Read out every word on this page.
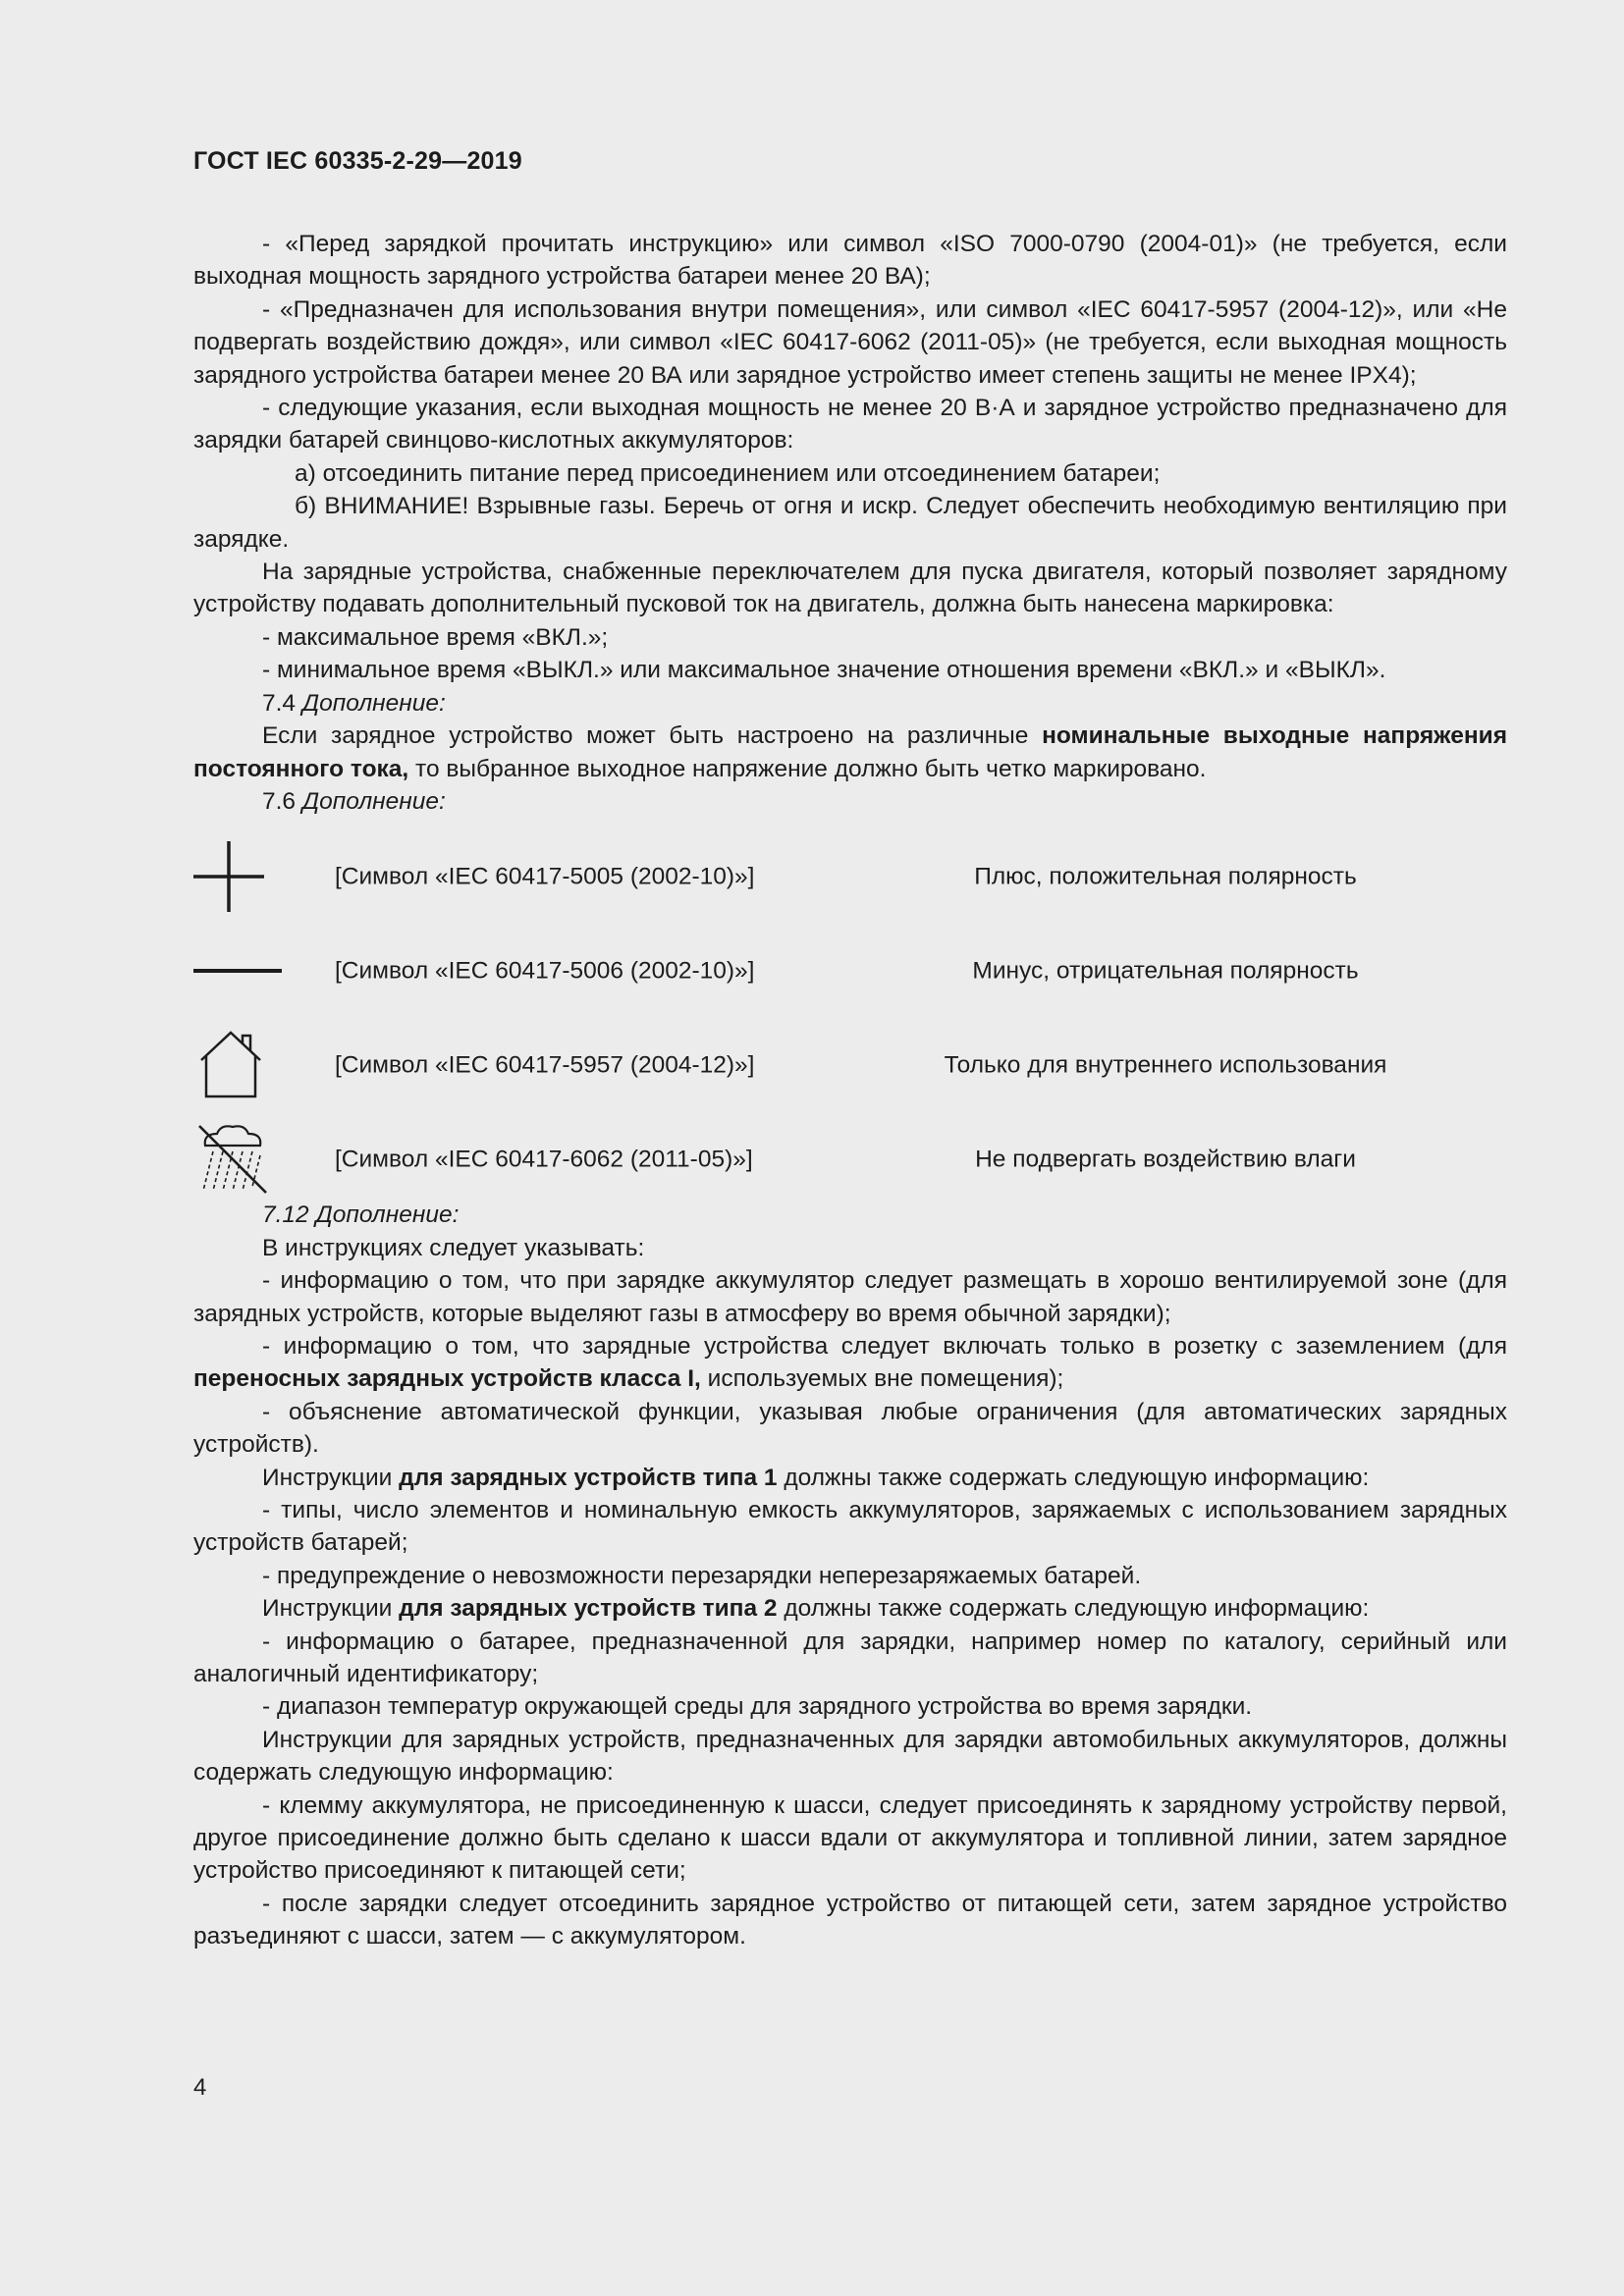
ГОСТ IEC 60335-2-29—2019

- «Перед зарядкой прочитать инструкцию» или символ «ISO 7000-0790 (2004-01)» (не требуется, если выходная мощность зарядного устройства батареи менее 20 ВА);

- «Предназначен для использования внутри помещения», или символ «IEC 60417-5957 (2004-12)», или «Не подвергать воздействию дождя», или символ «IEC 60417-6062 (2011-05)» (не требуется, если выходная мощность зарядного устройства батареи менее 20 ВА или зарядное устройство имеет степень защиты не менее IPX4);

- следующие указания, если выходная мощность не менее 20 В·А и зарядное устройство предназначено для зарядки батарей свинцово-кислотных аккумуляторов:

а) отсоединить питание перед присоединением или отсоединением батареи;

б) ВНИМАНИЕ! Взрывные газы. Беречь от огня и искр. Следует обеспечить необходимую вентиляцию при зарядке.

На зарядные устройства, снабженные переключателем для пуска двигателя, который позволяет зарядному устройству подавать дополнительный пусковой ток на двигатель, должна быть нанесена маркировка:

- максимальное время «ВКЛ.»;

- минимальное время «ВЫКЛ.» или максимальное значение отношения времени «ВКЛ.» и «ВЫКЛ».

7.4 Дополнение:

Если зарядное устройство может быть настроено на различные номинальные выходные напряжения постоянного тока, то выбранное выходное напряжение должно быть четко маркировано.

7.6 Дополнение:

[Символ «IEC 60417-5005 (2002-10)»]	Плюс, положительная полярность
[Символ «IEC 60417-5006 (2002-10)»]	Минус, отрицательная полярность
[Символ «IEC 60417-5957 (2004-12)»]	Только для внутреннего использования
[Символ «IEC 60417-6062 (2011-05)»]	Не подвергать воздействию влаги

7.12 Дополнение:

В инструкциях следует указывать:

- информацию о том, что при зарядке аккумулятор следует размещать в хорошо вентилируемой зоне (для зарядных устройств, которые выделяют газы в атмосферу во время обычной зарядки);

- информацию о том, что зарядные устройства следует включать только в розетку с заземлением (для переносных зарядных устройств класса I, используемых вне помещения);

- объяснение автоматической функции, указывая любые ограничения (для автоматических зарядных устройств).

Инструкции для зарядных устройств типа 1 должны также содержать следующую информацию:

- типы, число элементов и номинальную емкость аккумуляторов, заряжаемых с использованием зарядных устройств батарей;

- предупреждение о невозможности перезарядки неперезаряжаемых батарей.

Инструкции для зарядных устройств типа 2 должны также содержать следующую информацию:

- информацию о батарее, предназначенной для зарядки, например номер по каталогу, серийный или аналогичный идентификатору;

- диапазон температур окружающей среды для зарядного устройства во время зарядки.

Инструкции для зарядных устройств, предназначенных для зарядки автомобильных аккумуляторов, должны содержать следующую информацию:

- клемму аккумулятора, не присоединенную к шасси, следует присоединять к зарядному устройству первой, другое присоединение должно быть сделано к шасси вдали от аккумулятора и топливной линии, затем зарядное устройство присоединяют к питающей сети;

- после зарядки следует отсоединить зарядное устройство от питающей сети, затем зарядное устройство разъединяют с шасси, затем — с аккумулятором.

4
